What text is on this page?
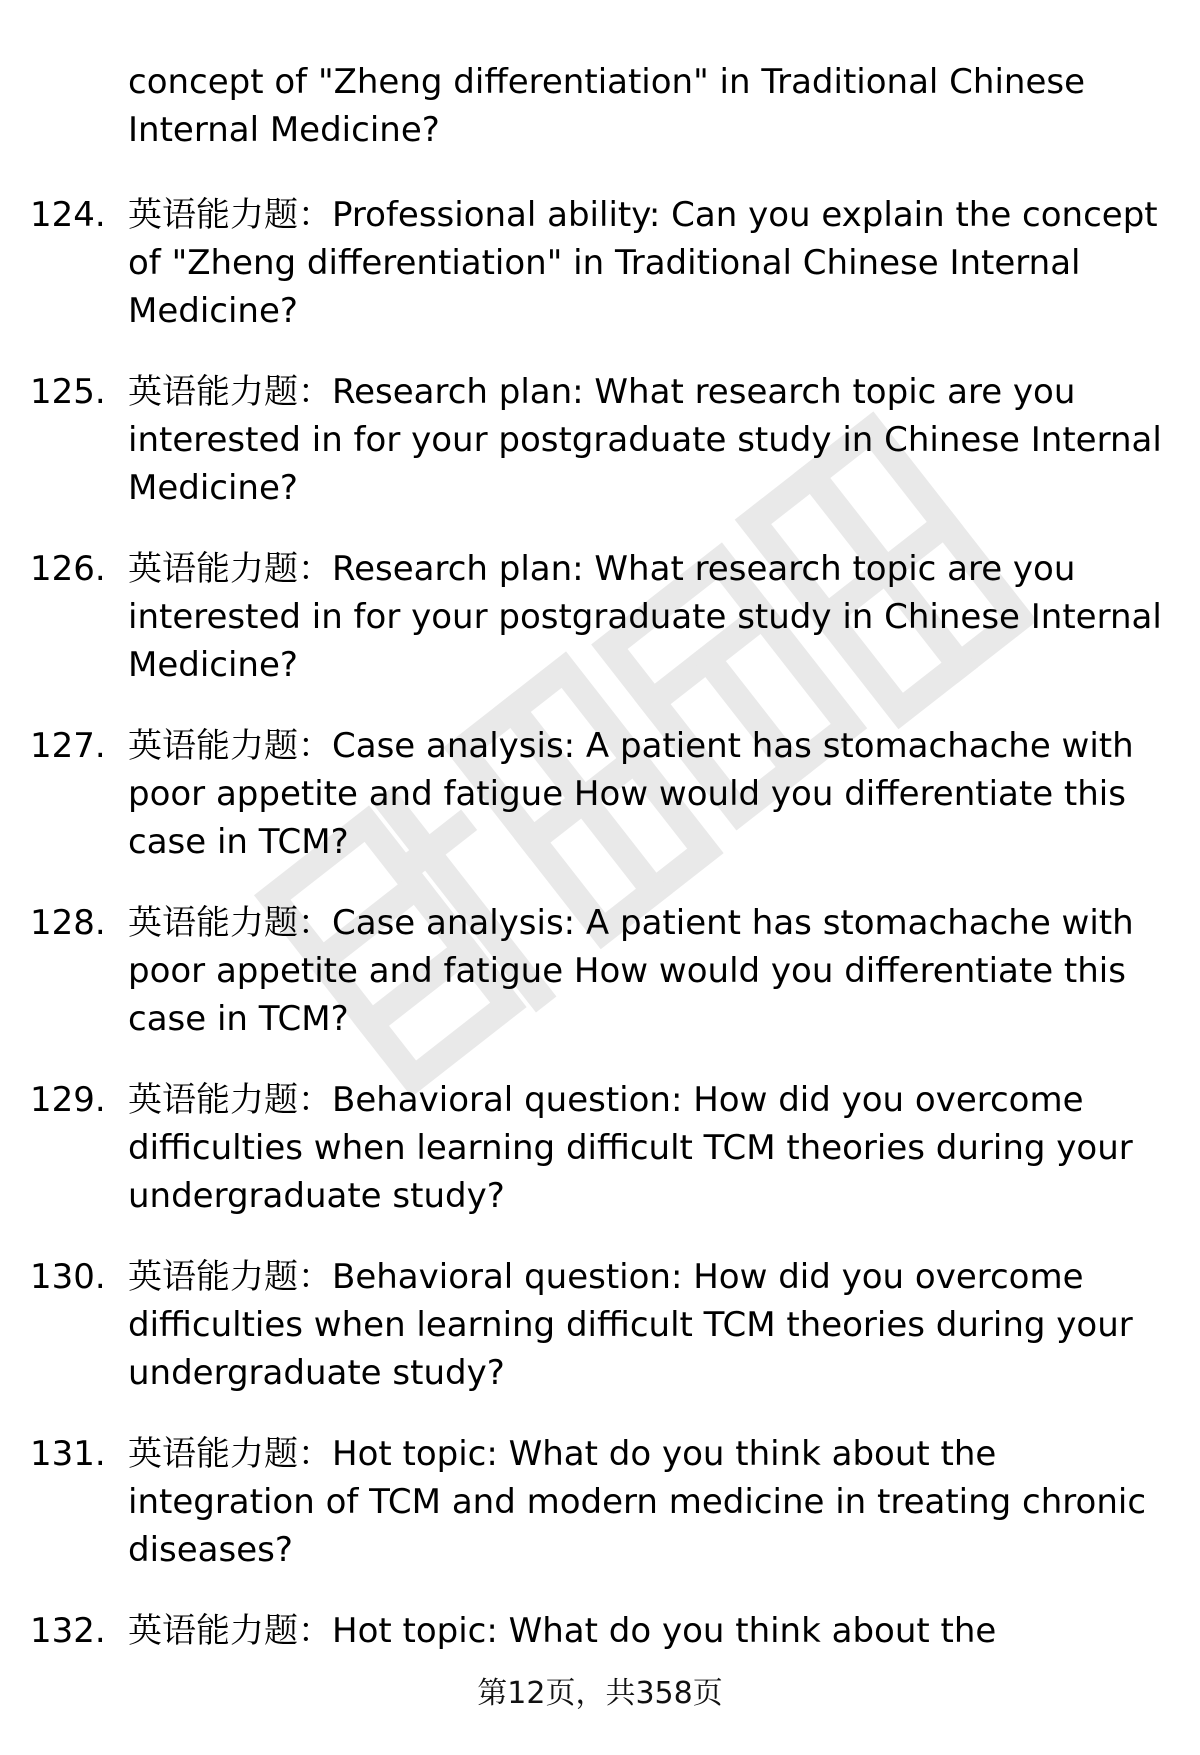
concept of "Zheng differentiation" in Traditional Chinese Internal Medicine?

124. 英语能力题：Professional ability: Can you explain the concept of "Zheng differentiation" in Traditional Chinese Internal Medicine?
125. 英语能力题：Research plan: What research topic are you interested in for your postgraduate study in Chinese Internal Medicine?
126. 英语能力题：Research plan: What research topic are you interested in for your postgraduate study in Chinese Internal Medicine?
127. 英语能力题：Case analysis: A patient has stomachache with poor appetite and fatigue How would you differentiate this case in TCM?
128. 英语能力题：Case analysis: A patient has stomachache with poor appetite and fatigue How would you differentiate this case in TCM?
129. 英语能力题：Behavioral question: How did you overcome difficulties when learning difficult TCM theories during your undergraduate study?
130. 英语能力题：Behavioral question: How did you overcome difficulties when learning difficult TCM theories during your undergraduate study?
131. 英语能力题：Hot topic: What do you think about the integration of TCM and modern medicine in treating chronic diseases?
132. 英语能力题：Hot topic: What do you think about the
第12页，共358页
